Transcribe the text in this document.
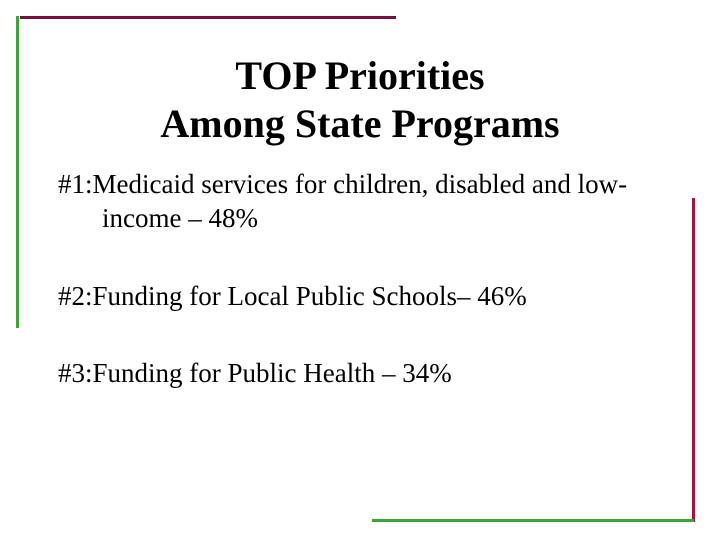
TOP Priorities
Among State Programs
#1:Medicaid services for children, disabled and low-income – 48%
#2:Funding for Local Public Schools– 46%
#3:Funding for Public Health – 34%
